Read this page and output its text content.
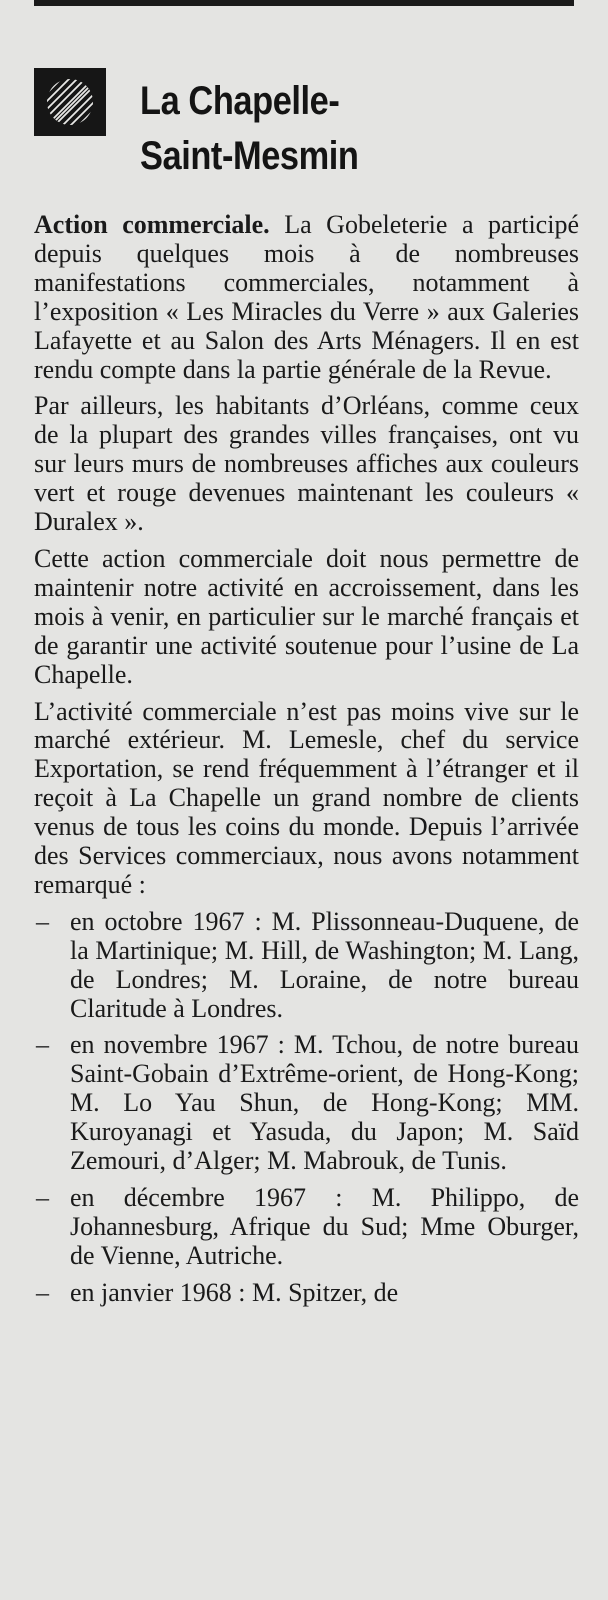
La Chapelle-
Saint-Mesmin

Action commerciale. La Gobeleterie a participé depuis quelques mois à de nombreuses manifestations commerciales, notamment à l’exposition « Les Miracles du Verre » aux Galeries Lafayette et au Salon des Arts Ménagers. Il en est rendu compte dans la partie générale de la Revue.

Par ailleurs, les habitants d’Orléans, comme ceux de la plupart des grandes villes françaises, ont vu sur leurs murs de nombreuses affiches aux couleurs vert et rouge devenues maintenant les couleurs « Duralex ».

Cette action commerciale doit nous permettre de maintenir notre activité en accroissement, dans les mois à venir, en particulier sur le marché français et de garantir une activité soutenue pour l’usine de La Chapelle.

L’activité commerciale n’est pas moins vive sur le marché extérieur. M. Lemesle, chef du service Exportation, se rend fréquemment à l’étranger et il reçoit à La Chapelle un grand nombre de clients venus de tous les coins du monde. Depuis l’arrivée des Services commerciaux, nous avons notamment remarqué :

– en octobre 1967 : M. Plissonneau-Duquene, de la Martinique; M. Hill, de Washington; M. Lang, de Londres; M. Loraine, de notre bureau Claritude à Londres.
– en novembre 1967 : M. Tchou, de notre bureau Saint-Gobain d’Extrême-orient, de Hong-Kong; M. Lo Yau Shun, de Hong-Kong; MM. Kuroyanagi et Yasuda, du Japon; M. Saïd Zemouri, d’Alger; M. Mabrouk, de Tunis.
– en décembre 1967 : M. Philippo, de Johannesburg, Afrique du Sud; Mme Oburger, de Vienne, Autriche.
– en janvier 1968 : M. Spitzer, de
